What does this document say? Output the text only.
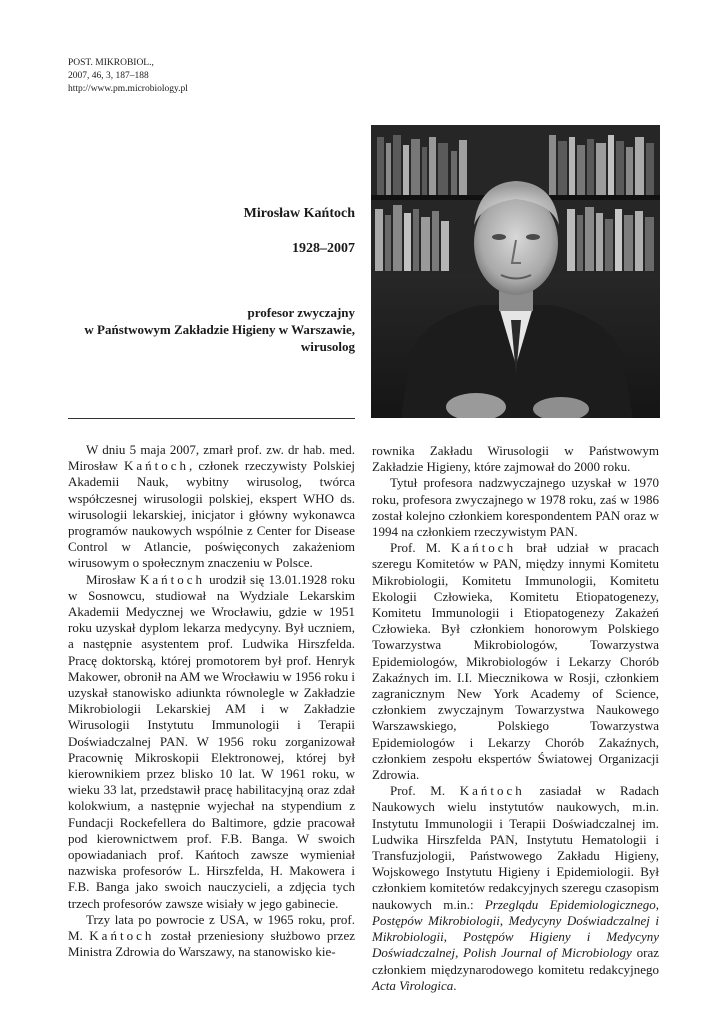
POST. MIKROBIOL.,
2007, 46, 3, 187–188
http://www.pm.microbiology.pl
Mirosław Kańtoch
1928–2007
profesor zwyczajny
w Państwowym Zakładzie Higieny w Warszawie,
wirusolog

W dniu 5 maja 2007, zmarł prof. zw. dr hab. med. Mirosław Kańtoch, członek rzeczywisty Polskiej Akademii Nauk, wybitny wirusolog, twórca współczesnej wirusologii polskiej, ekspert WHO ds. wirusologii lekarskiej, inicjator i główny wykonawca programów naukowych wspólnie z Center for Disease Control w Atlancie, poświęconych zakażeniom wirusowym o społecznym znaczeniu w Polsce.

Mirosław Kańtoch urodził się 13.01.1928 roku w Sosnowcu, studiował na Wydziale Lekarskim Akademii Medycznej we Wrocławiu, gdzie w 1951 roku uzyskał dyplom lekarza medycyny. Był uczniem, a następnie asystentem prof. Ludwika Hirszfelda. Pracę doktorską, której promotorem był prof. Henryk Makower, obronił na AM we Wrocławiu w 1956 roku i uzyskał stanowisko adiunkta równolegle w Zakładzie Mikrobiologii Lekarskiej AM i w Zakładzie Wirusologii Instytutu Immunologii i Terapii Doświadczalnej PAN. W 1956 roku zorganizował Pracownię Mikroskopii Elektronowej, której był kierownikiem przez blisko 10 lat. W 1961 roku, w wieku 33 lat, przedstawił pracę habilitacyjną oraz zdał kolokwium, a następnie wyjechał na stypendium z Fundacji Rockefellera do Baltimore, gdzie pracował pod kierownictwem prof. F.B. Banga. W swoich opowiadaniach prof. Kańtoch zawsze wymieniał nazwiska profesorów L. Hirszfelda, H. Makowera i F.B. Banga jako swoich nauczycieli, a zdjęcia tych trzech profesorów zawsze wisiały w jego gabinecie.

Trzy lata po powrocie z USA, w 1965 roku, prof. M. Kańtoch został przeniesiony służbowo przez Ministra Zdrowia do Warszawy, na stanowisko kie-

rownika Zakładu Wirusologii w Państwowym Zakładzie Higieny, które zajmował do 2000 roku.

Tytuł profesora nadzwyczajnego uzyskał w 1970 roku, profesora zwyczajnego w 1978 roku, zaś w 1986 został kolejno członkiem korespondentem PAN oraz w 1994 na członkiem rzeczywistym PAN.

Prof. M. Kańtoch brał udział w pracach szeregu Komitetów w PAN, między innymi Komitetu Mikrobiologii, Komitetu Immunologii, Komitetu Ekologii Człowieka, Komitetu Etiopatogenezy, Komitetu Immunologii i Etiopatogenezy Zakażeń Człowieka. Był członkiem honorowym Polskiego Towarzystwa Mikrobiologów, Towarzystwa Epidemiologów, Mikrobiologów i Lekarzy Chorób Zakaźnych im. I.I. Miecznikowa w Rosji, członkiem zagranicznym New York Academy of Science, członkiem zwyczajnym Towarzystwa Naukowego Warszawskiego, Polskiego Towarzystwa Epidemiologów i Lekarzy Chorób Zakaźnych, członkiem zespołu ekspertów Światowej Organizacji Zdrowia.

Prof. M. Kańtoch zasiadał w Radach Naukowych wielu instytutów naukowych, m.in. Instytutu Immunologii i Terapii Doświadczalnej im. Ludwika Hirszfelda PAN, Instytutu Hematologii i Transfuzjologii, Państwowego Zakładu Higieny, Wojskowego Instytutu Higieny i Epidemiologii. Był członkiem komitetów redakcyjnych szeregu czasopism naukowych m.in.: Przeglądu Epidemiologicznego, Postępów Mikrobiologii, Medycyny Doświadczalnej i Mikrobiologii, Postępów Higieny i Medycyny Doświadczalnej, Polish Journal of Microbiology oraz członkiem międzynarodowego komitetu redakcyjnego Acta Virologica.
